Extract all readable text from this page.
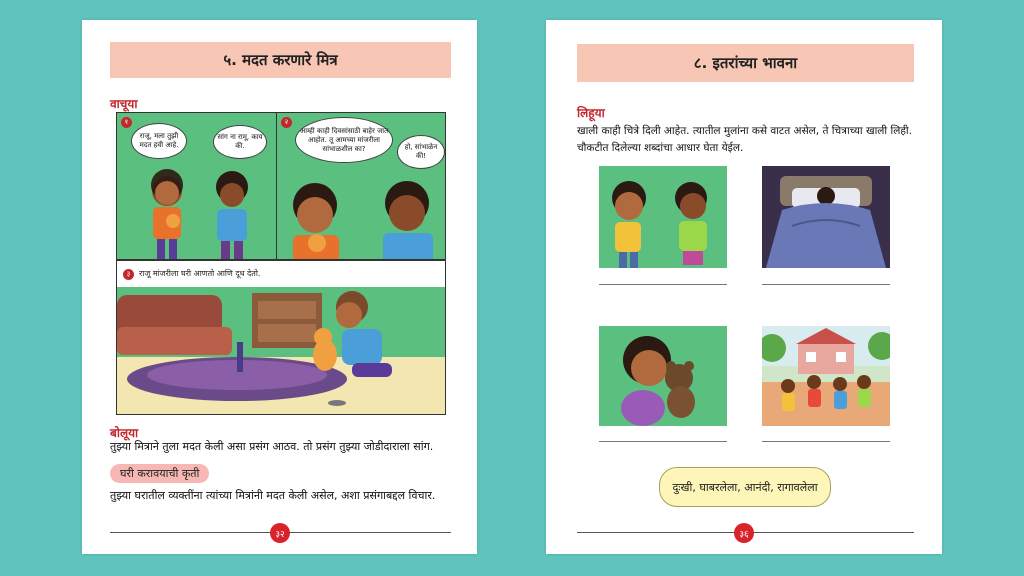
५. मदत करणारे मित्र
वाचूया
१
राजू, मला तुझी मदत हवी आहे.
सांग ना रामू, काय की.
२
आम्ही काही दिवसांसाठी बाहेर जात आहोत. तू आमच्या मांजरीला सांभाळशील का?	हो, सांभाळेन की!
३	राजू मांजरीला घरी आणतो आणि दूध देतो.
बोलूया
तुझ्या मित्राने तुला मदत केली असा प्रसंग आठव. तो प्रसंग तुझ्या जोडीदाराला सांग.
घरी करावयाची कृती
तुझ्या घरातील व्यक्तींना त्यांच्या मित्रांनी मदत केली असेल, अशा प्रसंगाबद्दल विचार.
३२
८. इतरांच्या भावना
लिहूया
खाली काही चित्रे दिली आहेत. त्यातील मुलांना कसे वाटत असेल, ते चित्राच्या खाली लिही. चौकटीत दिलेल्या शब्दांचा आधार घेता येईल.
दुःखी, घाबरलेला, आनंदी, रागावलेला
३६
